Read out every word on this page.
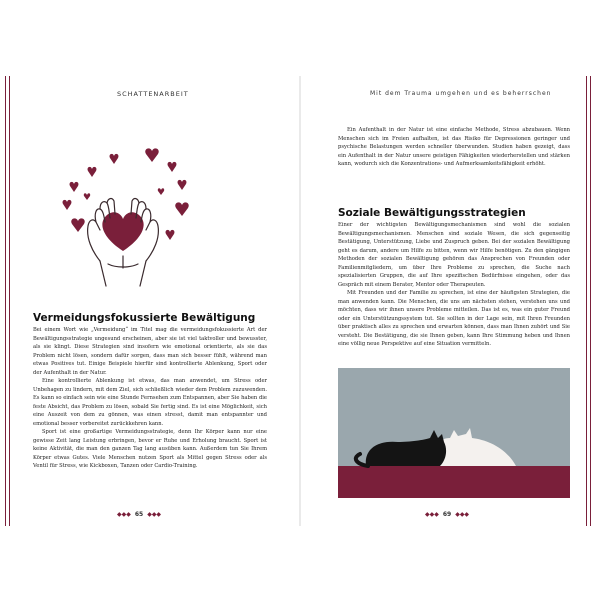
SCHATTENARBEIT
Vermeidungsfokussierte Bewältigung

Bei einem Wort wie „Vermeidung“ im Titel mag die vermeidungsfokussierte Art der Bewältigungsstrategie ungesund erscheinen, aber sie ist viel taktvoller und bewusster, als sie klingt. Diese Strategien sind insofern wie emotional orientierte, als sie das Problem nicht lösen, sondern dafür sorgen, dass man sich besser fühlt, während man etwas Positives tut. Einige Beispiele hierfür sind kontrollierte Ablenkung, Sport oder der Aufenthalt in der Natur.

Eine kontrollierte Ablenkung ist etwas, das man anwendet, um Stress oder Unbehagen zu lindern, mit dem Ziel, sich schließlich wieder dem Problem zuzuwenden. Es kann so einfach sein wie eine Stunde Fernsehen zum Entspannen, aber Sie haben die feste Absicht, das Problem zu lösen, sobald Sie fertig sind. Es ist eine Möglichkeit, sich eine Auszeit von dem zu gönnen, was einen stresst, damit man entspannter und emotional besser vorbereitet zurückkehren kann.

Sport ist eine großartige Vermeidungsstrategie, denn Ihr Körper kann nur eine gewisse Zeit lang Leistung erbringen, bevor er Ruhe und Erholung braucht. Sport ist keine Aktivität, die man den ganzen Tag lang ausüben kann. Außerdem tun Sie Ihrem Körper etwas Gutes. Viele Menschen nutzen Sport als Mittel gegen Stress oder als Ventil für Stress, wie Kickboxen, Tanzen oder Cardio-Training.

◆◆◆ 65 ◆◆◆
Mit dem Trauma umgehen und es beherrschen

Ein Aufenthalt in der Natur ist eine einfache Methode, Stress abzubauen. Wenn Menschen sich im Freien aufhalten, ist das Risiko für Depressionen geringer und psychische Belastungen werden schneller überwunden. Studien haben gezeigt, dass ein Aufenthalt in der Natur unsere geistigen Fähigkeiten wiederherstellen und stärken kann, wodurch sich die Konzentrations- und Aufmerksamkeitsfähigkeit erhöht.

Soziale Bewältigungsstrategien

Einer der wichtigsten Bewältigungsmechanismen sind wohl die sozialen Bewältigungsmechanismen. Menschen sind soziale Wesen, die sich gegenseitig Bestätigung, Unterstützung, Liebe und Zuspruch geben. Bei der sozialen Bewältigung geht es darum, andere um Hilfe zu bitten, wenn wir Hilfe benötigen. Zu den gängigen Methoden der sozialen Bewältigung gehören das Ansprechen von Freunden oder Familienmitgliedern, um über Ihre Probleme zu sprechen, die Suche nach spezialisierten Gruppen, die auf Ihre spezifischen Bedürfnisse eingehen, oder das Gespräch mit einem Berater, Mentor oder Therapeuten.

Mit Freunden und der Familie zu sprechen, ist eine der häufigsten Strategien, die man anwenden kann. Die Menschen, die uns am nächsten stehen, verstehen uns und möchten, dass wir ihnen unsere Probleme mitteilen. Das ist es, was ein guter Freund oder ein Unterstützungssystem tut. Sie sollten in der Lage sein, mit Ihren Freunden über praktisch alles zu sprechen und erwarten können, dass man Ihnen zuhört und Sie versteht. Die Bestätigung, die sie Ihnen geben, kann Ihre Stimmung heben und Ihnen eine völlig neue Perspektive auf eine Situation vermitteln.

◆◆◆ 69 ◆◆◆
